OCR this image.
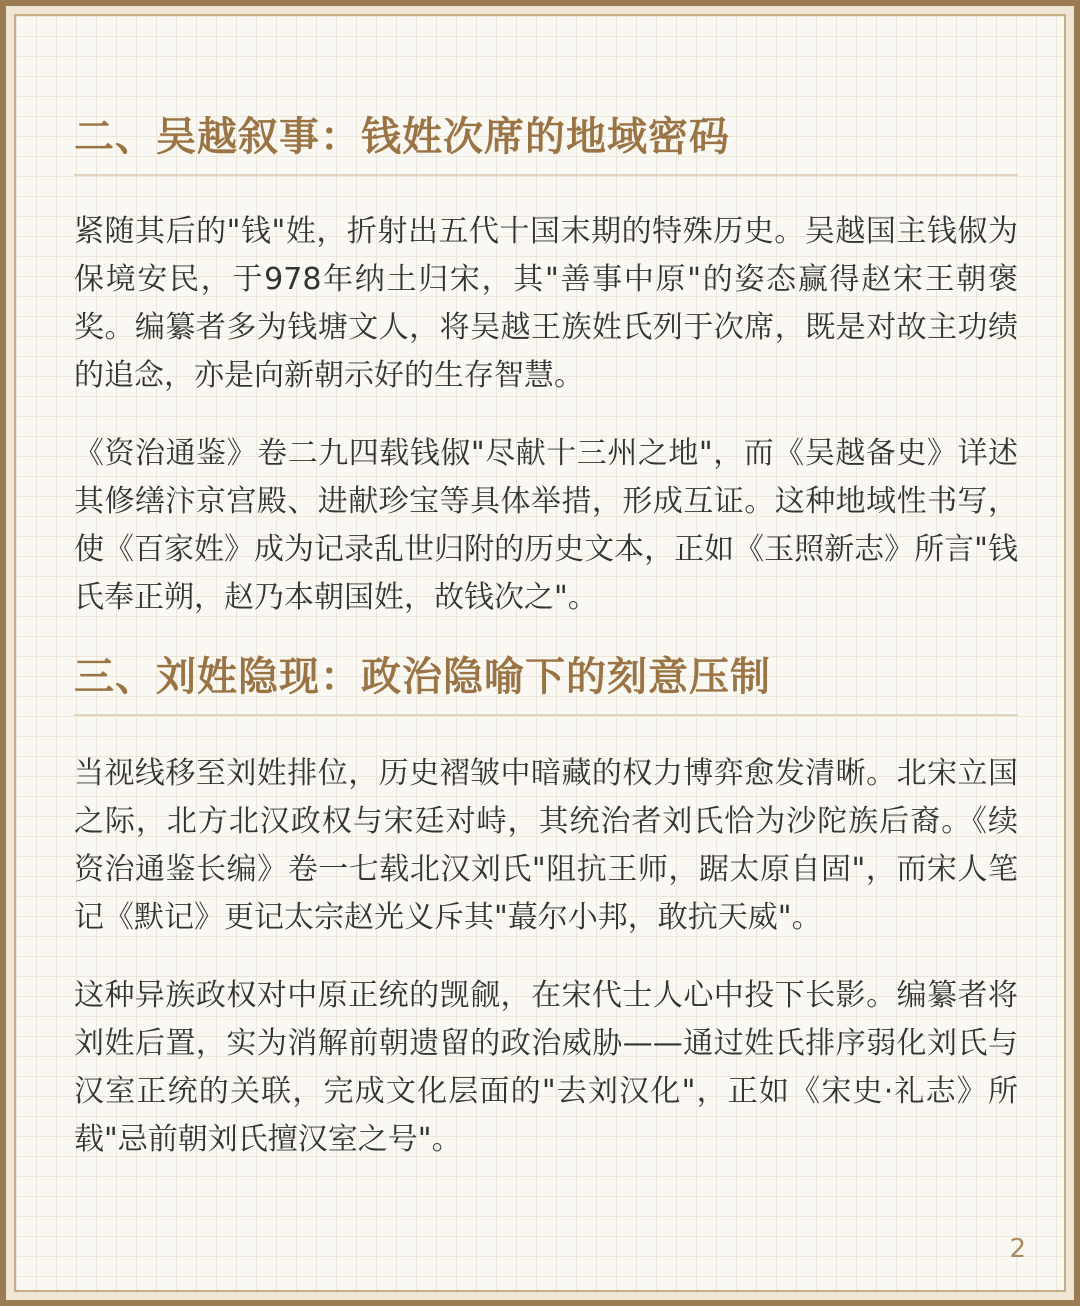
二、吴越叙事：钱姓次席的地域密码

紧随其后的"钱"姓，折射出五代十国末期的特殊历史。吴越国主钱俶为保境安民，于978年纳土归宋，其"善事中原"的姿态赢得赵宋王朝褒奖。编纂者多为钱塘文人，将吴越王族姓氏列于次席，既是对故主功绩的追念，亦是向新朝示好的生存智慧。

《资治通鉴》卷二九四载钱俶"尽献十三州之地"，而《吴越备史》详述其修缮汴京宫殿、进献珍宝等具体举措，形成互证。这种地域性书写，使《百家姓》成为记录乱世归附的历史文本，正如《玉照新志》所言"钱氏奉正朔，赵乃本朝国姓，故钱次之"。

三、刘姓隐现：政治隐喻下的刻意压制

当视线移至刘姓排位，历史褶皱中暗藏的权力博弈愈发清晰。北宋立国之际，北方北汉政权与宋廷对峙，其统治者刘氏恰为沙陀族后裔。《续资治通鉴长编》卷一七载北汉刘氏"阻抗王师，踞太原自固"，而宋人笔记《默记》更记太宗赵光义斥其"蕞尔小邦，敢抗天威"。

这种异族政权对中原正统的觊觎，在宋代士人心中投下长影。编纂者将刘姓后置，实为消解前朝遗留的政治威胁——通过姓氏排序弱化刘氏与汉室正统的关联，完成文化层面的"去刘汉化"，正如《宋史·礼志》所载"忌前朝刘氏擅汉室之号"。

2
